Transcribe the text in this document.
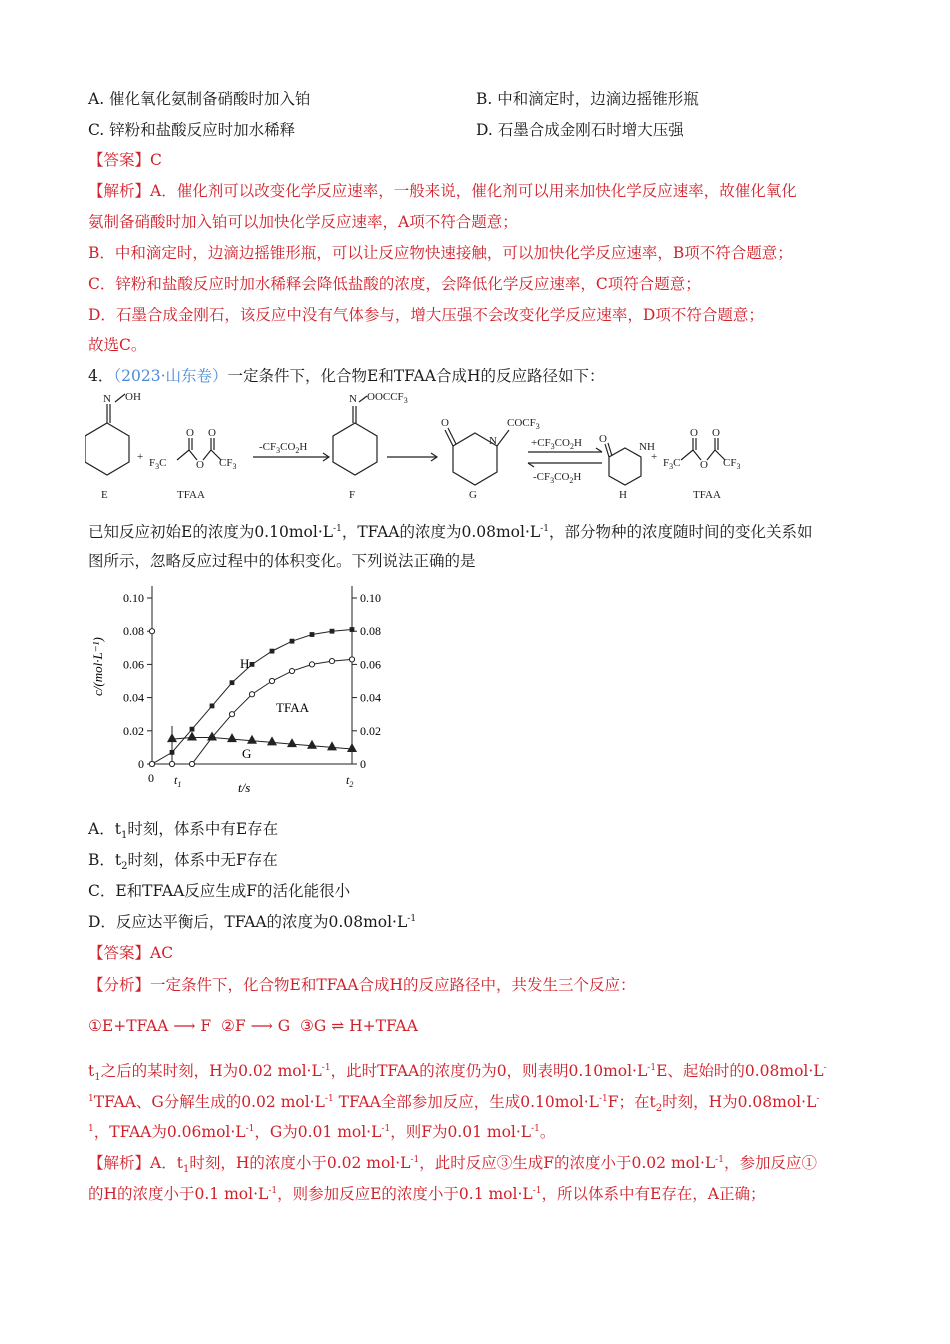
A. 催化氧化氨制备硝酸时加入铂	B. 中和滴定时，边滴边摇锥形瓶
C. 锌粉和盐酸反应时加水稀释	D. 石墨合成金刚石时增大压强
【答案】C
【解析】A．催化剂可以改变化学反应速率，一般来说，催化剂可以用来加快化学反应速率，故催化氧化
氨制备硝酸时加入铂可以加快化学反应速率，A项不符合题意；
B．中和滴定时，边滴边摇锥形瓶，可以让反应物快速接触，可以加快化学反应速率，B项不符合题意；
C．锌粉和盐酸反应时加水稀释会降低盐酸的浓度，会降低化学反应速率，C项符合题意；
D．石墨合成金刚石，该反应中没有气体参与，增大压强不会改变化学反应速率，D项不符合题意；
故选C。
4．（2023·山东卷）一定条件下，化合物E和TFAA合成H的反应路径如下：
N OH
+ $F_3C$
O
O
O
$CF_3$
$-CF_3CO_2H$
N $OOCCF_3$
O
N
$COCF_3$
$+CF_3CO_2H$
$-CF_3CO_2H$
O
NH
+ $F_3C$
O
O
O
$CF_3$
E	TFAA	F	G	H	TFAA
已知反应初始E的浓度为$0.10mol\cdot L^{-1}$，TFAA的浓度为$0.08mol\cdot L^{-1}$，部分物种的浓度随时间的变化关系如
图所示，忽略反应过程中的体积变化。下列说法正确的是
0
0.02
0.04
0.06
0.08
0.10
0
0.02
0.04
0.06
0.08
0.10
c/(mol·L⁻¹)
t/s
0 $t_1$	$t_2$
H
TFAA
G
A．$t_1$时刻，体系中有E存在
B．$t_2$时刻，体系中无F存在
C．E和TFAA反应生成F的活化能很小
D．反应达平衡后，TFAA的浓度为$0.08mol\cdot L^{-1}$
【答案】AC
【分析】一定条件下，化合物E和TFAA合成H的反应路径中，共发生三个反应：
①E+TFAA ⟶ F ②F ⟶ G ③G ⇌ H+TFAA
$t_1$之后的某时刻，H为0.02 $mol\cdot L^{-1}$，此时TFAA的浓度仍为0，则表明$0.10mol\cdot L^{-1}E$、起始时的0.08mol·L-
$^1$TFAA、G分解生成的0.02 $mol\cdot L^{-1}$ TFAA全部参加反应，生成$0.10mol\cdot L^{-1}F$；在$t_2$时刻，H为0.08mol·L-
$^1$，TFAA为$0.06mol\cdot L^{-1}$，G为0.01 $mol\cdot L^{-1}$，则F为0.01 $mol\cdot L^{-1}$。
【解析】A．$t_1$时刻，H的浓度小于0.02 $mol\cdot L^{-1}$，此时反应③生成F的浓度小于0.02 $mol\cdot L^{-1}$，参加反应①
的H的浓度小于0.1 $mol\cdot L^{-1}$，则参加反应E的浓度小于0.1 $mol\cdot L^{-1}$，所以体系中有E存在，A正确；
